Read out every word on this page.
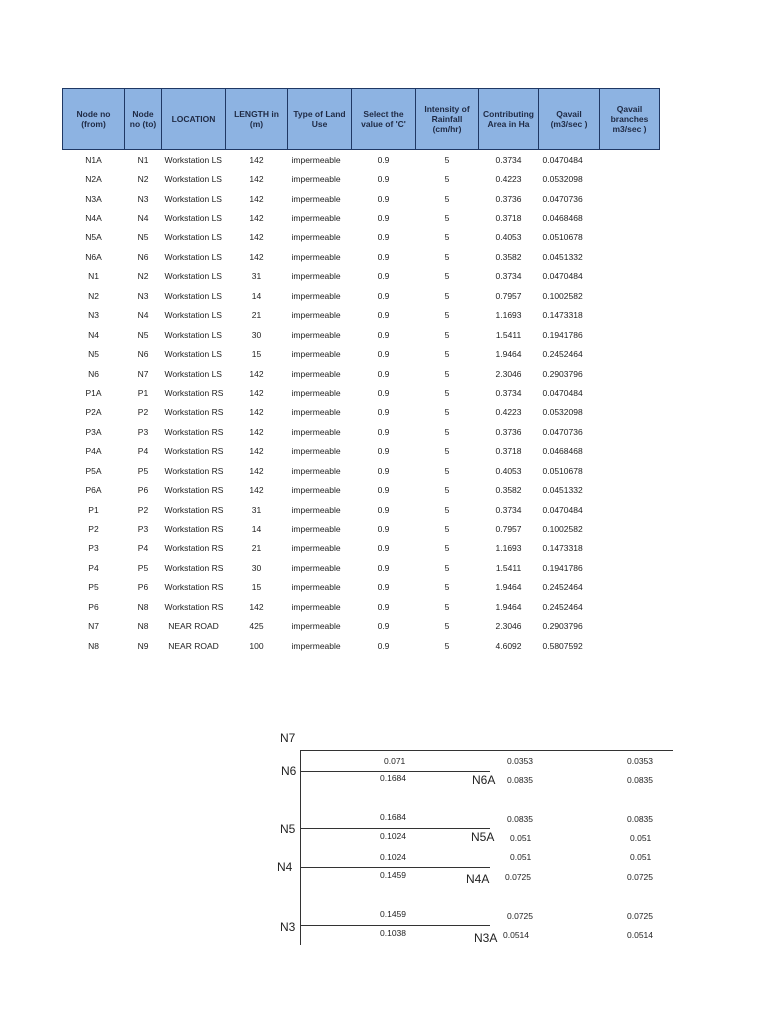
Node no (from)	Node no (to)	LOCATION	LENGTH in (m)	Type of Land Use	Select the value of 'C'	Intensity of Rainfall (cm/hr)	Contributing Area in Ha	Qavail (m3/sec )	Qavail branches m3/sec )	
N1A	N1	Workstation LS	142	impermeable	0.9	5	0.3734	0.0470484		
N2A	N2	Workstation LS	142	impermeable	0.9	5	0.4223	0.0532098		
N3A	N3	Workstation LS	142	impermeable	0.9	5	0.3736	0.0470736		
N4A	N4	Workstation LS	142	impermeable	0.9	5	0.3718	0.0468468		
N5A	N5	Workstation LS	142	impermeable	0.9	5	0.4053	0.0510678		
N6A	N6	Workstation LS	142	impermeable	0.9	5	0.3582	0.0451332		
N1	N2	Workstation LS	31	impermeable	0.9	5	0.3734	0.0470484		
N2	N3	Workstation LS	14	impermeable	0.9	5	0.7957	0.1002582		
N3	N4	Workstation LS	21	impermeable	0.9	5	1.1693	0.1473318		
N4	N5	Workstation LS	30	impermeable	0.9	5	1.5411	0.1941786		
N5	N6	Workstation LS	15	impermeable	0.9	5	1.9464	0.2452464		
N6	N7	Workstation LS	142	impermeable	0.9	5	2.3046	0.2903796		
P1A	P1	Workstation RS	142	impermeable	0.9	5	0.3734	0.0470484		
P2A	P2	Workstation RS	142	impermeable	0.9	5	0.4223	0.0532098		
P3A	P3	Workstation RS	142	impermeable	0.9	5	0.3736	0.0470736		
P4A	P4	Workstation RS	142	impermeable	0.9	5	0.3718	0.0468468		
P5A	P5	Workstation RS	142	impermeable	0.9	5	0.4053	0.0510678		
P6A	P6	Workstation RS	142	impermeable	0.9	5	0.3582	0.0451332		
P1	P2	Workstation RS	31	impermeable	0.9	5	0.3734	0.0470484		
P2	P3	Workstation RS	14	impermeable	0.9	5	0.7957	0.1002582		
P3	P4	Workstation RS	21	impermeable	0.9	5	1.1693	0.1473318		
P4	P5	Workstation RS	30	impermeable	0.9	5	1.5411	0.1941786		
P5	P6	Workstation RS	15	impermeable	0.9	5	1.9464	0.2452464		
P6	N8	Workstation RS	142	impermeable	0.9	5	1.9464	0.2452464		
N7	N8	NEAR ROAD	425	impermeable	0.9	5	2.3046	0.2903796		
N8	N9	NEAR ROAD	100	impermeable	0.9	5	4.6092	0.5807592		
N7
N6
N6A
N5
N5A
N4
N4A
N3
N3A
0.071
0.1684
0.1684
0.1024
0.1024
0.1459
0.1459
0.1038
0.0353
0.0835
0.0835
0.051
0.051
0.0725
0.0725
0.0514
0.0353
0.0835
0.0835
0.051
0.051
0.0725
0.0725
0.0514
